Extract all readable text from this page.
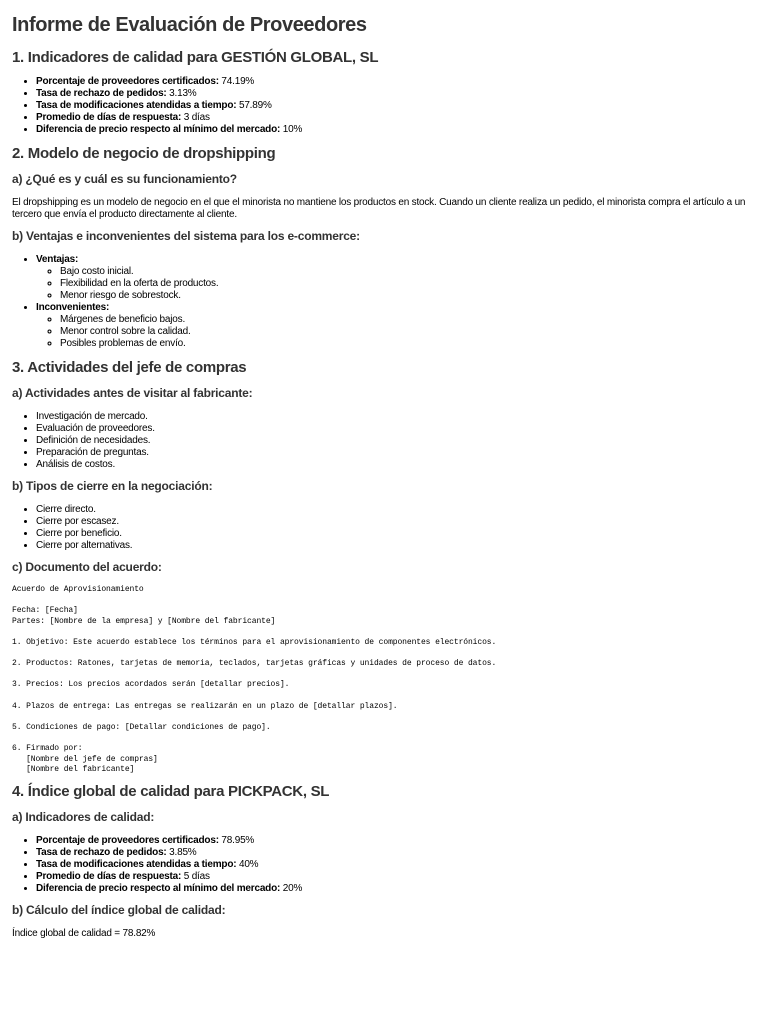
Informe de Evaluación de Proveedores
1. Indicadores de calidad para GESTIÓN GLOBAL, SL
• Porcentaje de proveedores certificados: 74.19%
• Tasa de rechazo de pedidos: 3.13%
• Tasa de modificaciones atendidas a tiempo: 57.89%
• Promedio de días de respuesta: 3 días
• Diferencia de precio respecto al mínimo del mercado: 10%
2. Modelo de negocio de dropshipping
a) ¿Qué es y cuál es su funcionamiento?

El dropshipping es un modelo de negocio en el que el minorista no mantiene los productos en stock. Cuando un cliente realiza un pedido, el minorista compra el artículo a un tercero que envía el producto directamente al cliente.

b) Ventajas e inconvenientes del sistema para los e-commerce:
• Ventajas:
◦ Bajo costo inicial.
◦ Flexibilidad en la oferta de productos.
◦ Menor riesgo de sobrestock.
• Inconvenientes:
◦ Márgenes de beneficio bajos.
◦ Menor control sobre la calidad.
◦ Posibles problemas de envío.
3. Actividades del jefe de compras
a) Actividades antes de visitar al fabricante:
• Investigación de mercado.
• Evaluación de proveedores.
• Definición de necesidades.
• Preparación de preguntas.
• Análisis de costos.
b) Tipos de cierre en la negociación:
• Cierre directo.
• Cierre por escasez.
• Cierre por beneficio.
• Cierre por alternativas.
c) Documento del acuerdo:
Acuerdo de Aprovisionamiento

Fecha: [Fecha]
Partes: [Nombre de la empresa] y [Nombre del fabricante]

1. Objetivo: Este acuerdo establece los términos para el aprovisionamiento de componentes electrónicos.

2. Productos: Ratones, tarjetas de memoria, teclados, tarjetas gráficas y unidades de proceso de datos.

3. Precios: Los precios acordados serán [detallar precios].

4. Plazos de entrega: Las entregas se realizarán en un plazo de [detallar plazos].

5. Condiciones de pago: [Detallar condiciones de pago].

6. Firmado por:
[Nombre del jefe de compras]
[Nombre del fabricante]
4. Índice global de calidad para PICKPACK, SL
a) Indicadores de calidad:
• Porcentaje de proveedores certificados: 78.95%
• Tasa de rechazo de pedidos: 3.85%
• Tasa de modificaciones atendidas a tiempo: 40%
• Promedio de días de respuesta: 5 días
• Diferencia de precio respecto al mínimo del mercado: 20%
b) Cálculo del índice global de calidad:

Índice global de calidad = 78.82%
